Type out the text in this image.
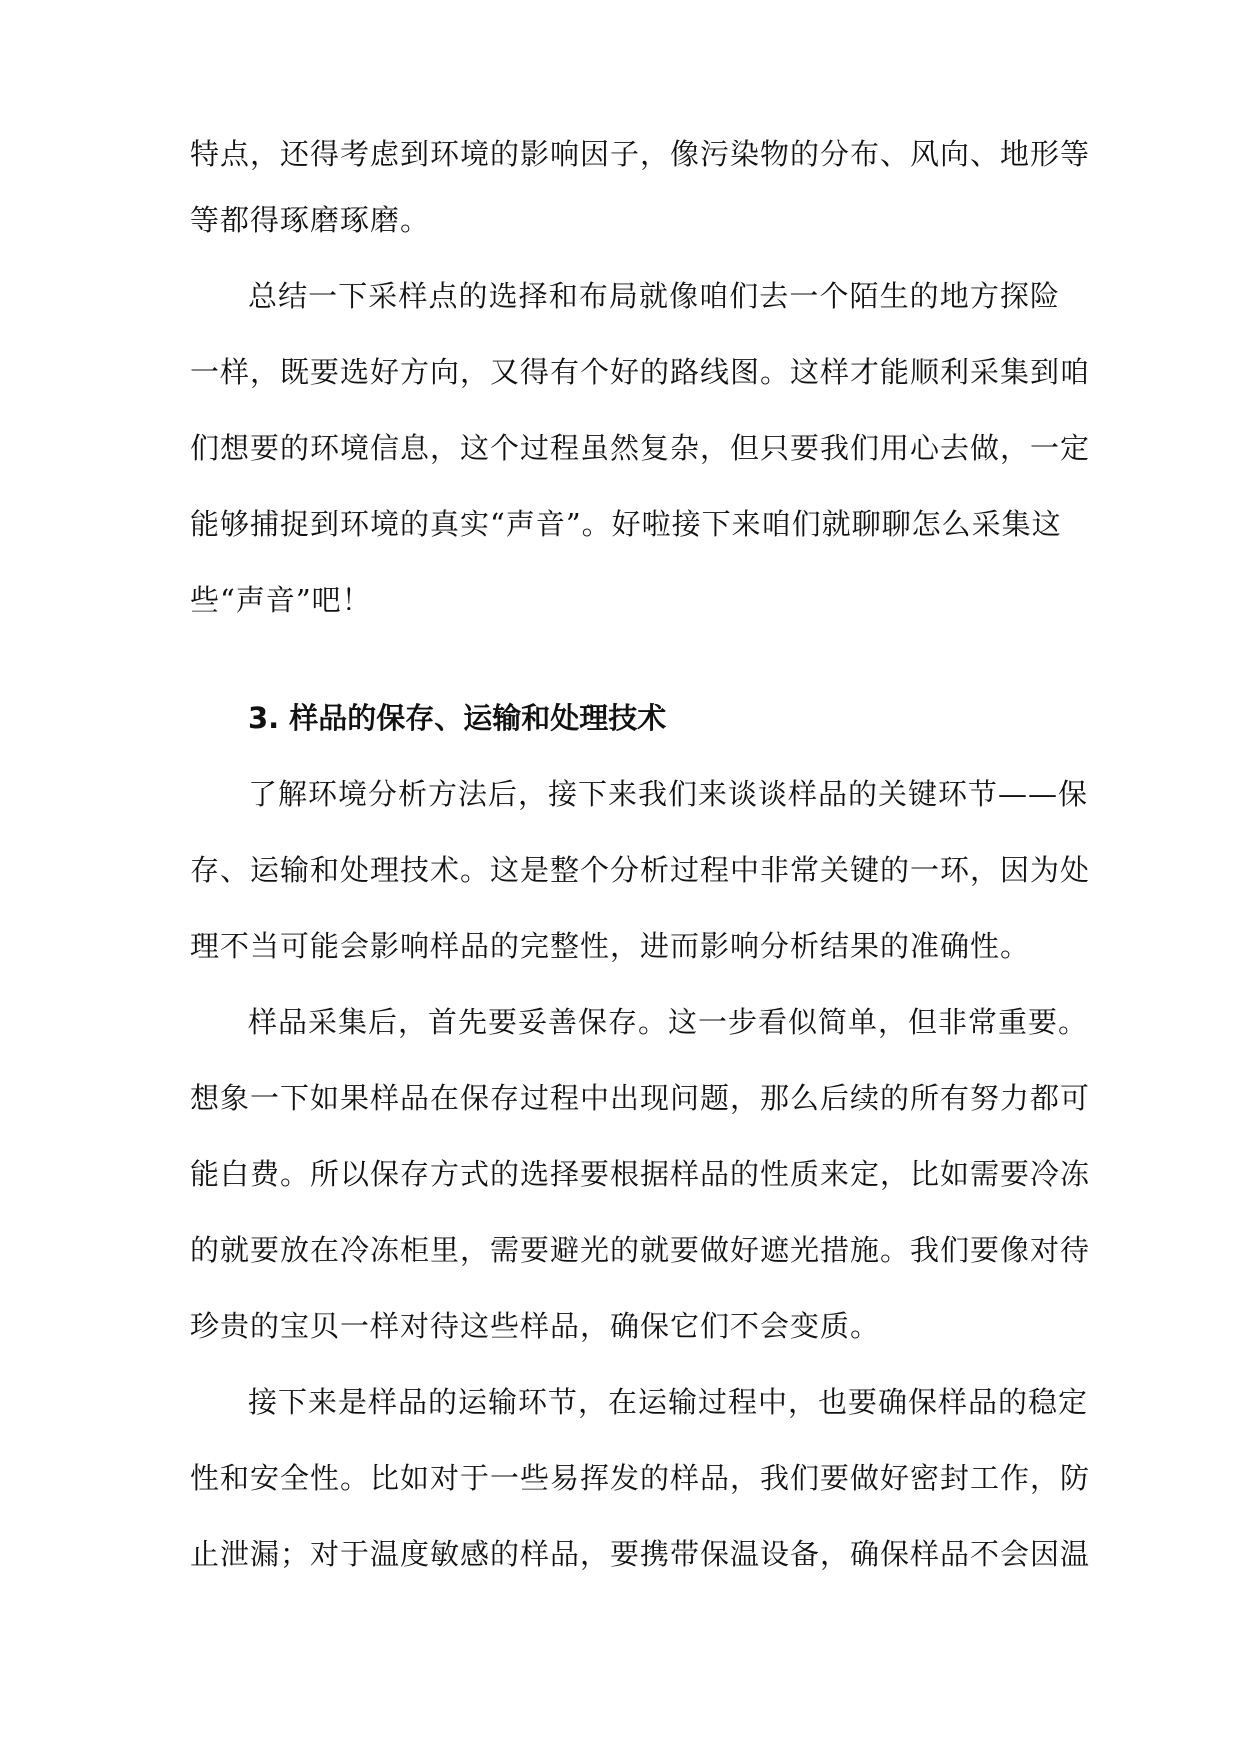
特点，还得考虑到环境的影响因子，像污染物的分布、风向、地形等
等都得琢磨琢磨。
总结一下采样点的选择和布局就像咱们去一个陌生的地方探险
一样，既要选好方向，又得有个好的路线图。这样才能顺利采集到咱
们想要的环境信息，这个过程虽然复杂，但只要我们用心去做，一定
能够捕捉到环境的真实“声音”。好啦接下来咱们就聊聊怎么采集这
些“声音”吧！
3. 样品的保存、运输和处理技术
了解环境分析方法后，接下来我们来谈谈样品的关键环节——保
存、运输和处理技术。这是整个分析过程中非常关键的一环，因为处
理不当可能会影响样品的完整性，进而影响分析结果的准确性。
样品采集后，首先要妥善保存。这一步看似简单，但非常重要。
想象一下如果样品在保存过程中出现问题，那么后续的所有努力都可
能白费。所以保存方式的选择要根据样品的性质来定，比如需要冷冻
的就要放在冷冻柜里，需要避光的就要做好遮光措施。我们要像对待
珍贵的宝贝一样对待这些样品，确保它们不会变质。
接下来是样品的运输环节，在运输过程中，也要确保样品的稳定
性和安全性。比如对于一些易挥发的样品，我们要做好密封工作，防
止泄漏；对于温度敏感的样品，要携带保温设备，确保样品不会因温
